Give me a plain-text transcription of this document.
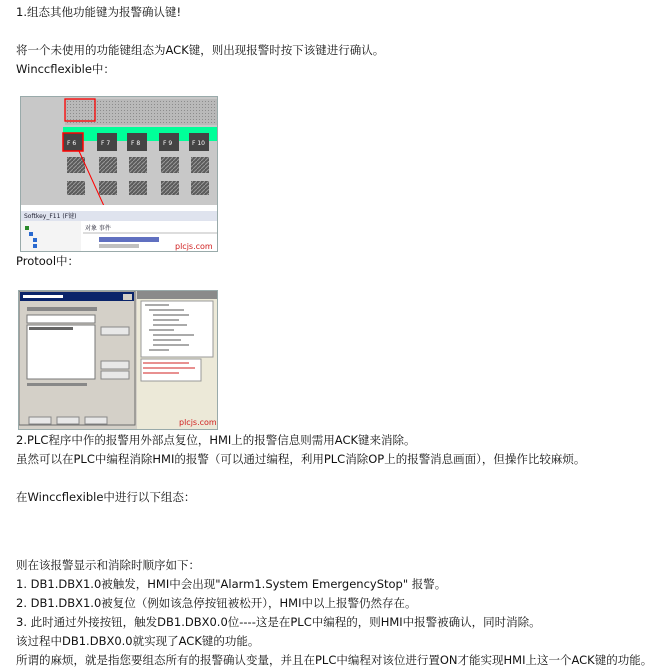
1.组态其他功能键为报警确认键!
将一个未使用的功能键组态为ACK键，则出现报警时按下该键进行确认。
Winccflexible中：
F 6	F 7	F 8	F 9	F 10
Softkey_F11 (F键)
对象 事件
plcjs.com
Protool中：
plcjs.com
2.PLC程序中作的报警用外部点复位，HMI上的报警信息则需用ACK键来消除。
虽然可以在PLC中编程消除HMI的报警（可以通过编程，利用PLC消除OP上的报警消息画面），但操作比较麻烦。
在Winccflexible中进行以下组态：
则在该报警显示和消除时顺序如下：
1. DB1.DBX1.0被触发，HMI中会出现"Alarm1.System EmergencyStop" 报警。
2. DB1.DBX1.0被复位（例如该急停按钮被松开），HMI中以上报警仍然存在。
3. 此时通过外接按钮，触发DB1.DBX0.0位----这是在PLC中编程的，则HMI中报警被确认，同时消除。
该过程中DB1.DBX0.0就实现了ACK键的功能。
所谓的麻烦，就是指您要组态所有的报警确认变量，并且在PLC中编程对该位进行置ON才能实现HMI上这一个ACK键的功能。
